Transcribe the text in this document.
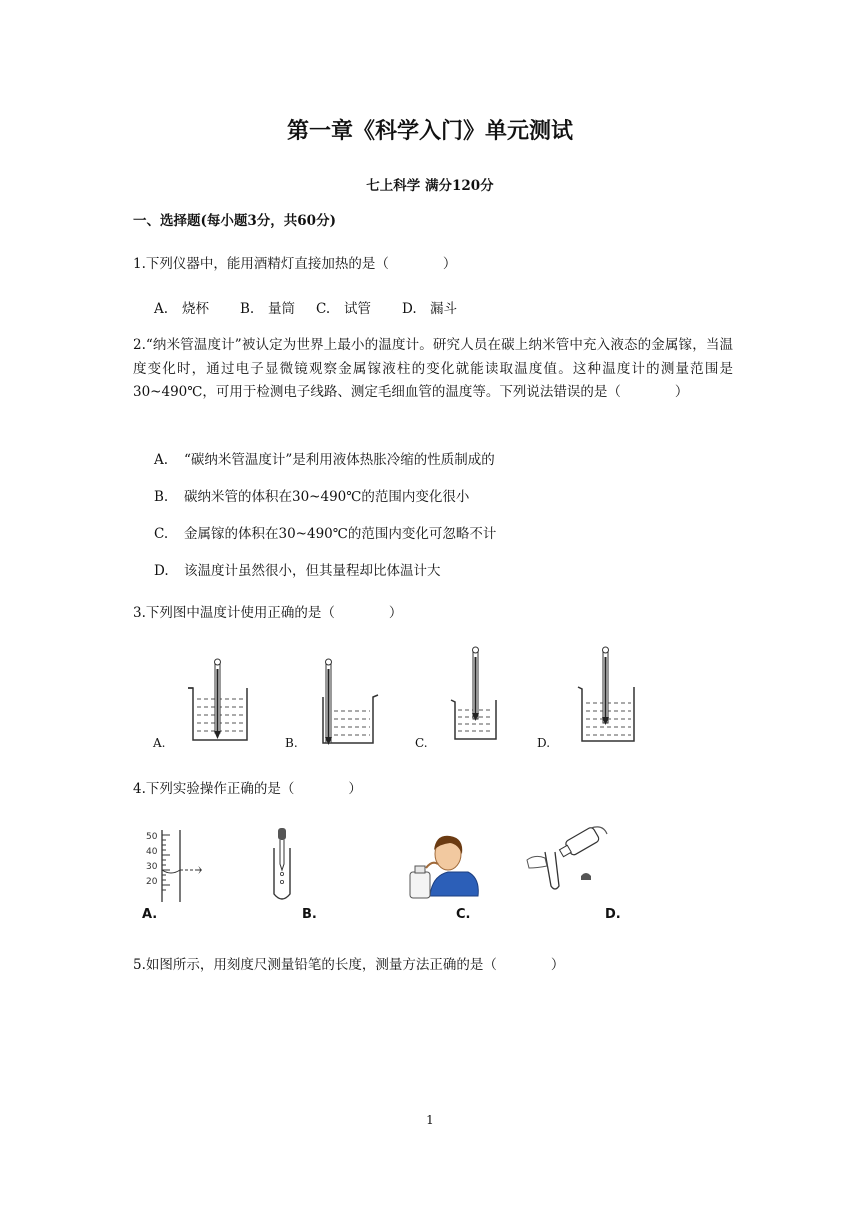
第一章《科学入门》单元测试
七上科学 满分120分
一、选择题(每小题3分，共60分)
1.下列仪器中，能用酒精灯直接加热的是（　　　　）
A. 烧杯 B. 量筒 C. 试管 D. 漏斗
2.“纳米管温度计”被认定为世界上最小的温度计。研究人员在碳上纳米管中充入液态的金属镓，当温度变化时，通过电子显微镜观察金属镓液柱的变化就能读取温度值。这种温度计的测量范围是 30~490℃，可用于检测电子线路、测定毛细血管的温度等。下列说法错误的是（　　　　）
A. “碳纳米管温度计”是利用液体热胀冷缩的性质制成的
B. 碳纳米管的体积在30~490℃的范围内变化很小
C. 金属镓的体积在30~490℃的范围内变化可忽略不计
D. 该温度计虽然很小，但其量程却比体温计大
3.下列图中温度计使用正确的是（　　　　）
A.	B.	C.	D.
4.下列实验操作正确的是（　　　　）
50
40
30
20
A.	B.	C.	D.
5.如图所示，用刻度尺测量铅笔的长度，测量方法正确的是（　　　　）
1
